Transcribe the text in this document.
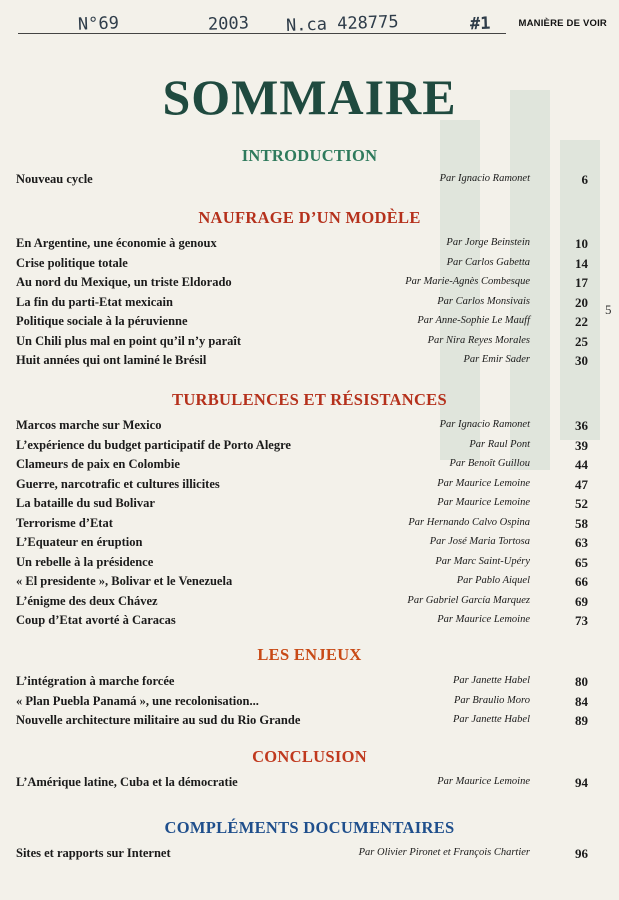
N°69	2003 N.ca 428775	#1	MANIÈRE DE VOIR
SOMMAIRE
5
INTRODUCTION
Nouveau cycle	Par Ignacio Ramonet	6
NAUFRAGE D’UN MODÈLE
En Argentine, une économie à genoux	Par Jorge Beinstein	10
Crise politique totale	Par Carlos Gabetta	14
Au nord du Mexique, un triste Eldorado	Par Marie-Agnès Combesque	17
La fin du parti-Etat mexicain	Par Carlos Monsivais	20
Politique sociale à la péruvienne	Par Anne-Sophie Le Mauff	22
Un Chili plus mal en point qu’il n’y paraît	Par Nira Reyes Morales	25
Huit années qui ont laminé le Brésil	Par Emir Sader	30
TURBULENCES ET RÉSISTANCES
Marcos marche sur Mexico	Par Ignacio Ramonet	36
L’expérience du budget participatif de Porto Alegre	Par Raul Pont	39
Clameurs de paix en Colombie	Par Benoît Guillou	44
Guerre, narcotrafic et cultures illicites	Par Maurice Lemoine	47
La bataille du sud Bolivar	Par Maurice Lemoine	52
Terrorisme d’Etat	Par Hernando Calvo Ospina	58
L’Equateur en éruption	Par José Maria Tortosa	63
Un rebelle à la présidence	Par Marc Saint-Upéry	65
« El presidente », Bolivar et le Venezuela	Par Pablo Aiquel	66
L’énigme des deux Chávez	Par Gabriel García Marquez	69
Coup d’Etat avorté à Caracas	Par Maurice Lemoine	73
LES ENJEUX
L’intégration à marche forcée	Par Janette Habel	80
« Plan Puebla Panamá », une recolonisation...	Par Braulio Moro	84
Nouvelle architecture militaire au sud du Rio Grande	Par Janette Habel	89
CONCLUSION
L’Amérique latine, Cuba et la démocratie	Par Maurice Lemoine	94
COMPLÉMENTS DOCUMENTAIRES
Sites et rapports sur Internet	Par Olivier Pironet et François Chartier	96
